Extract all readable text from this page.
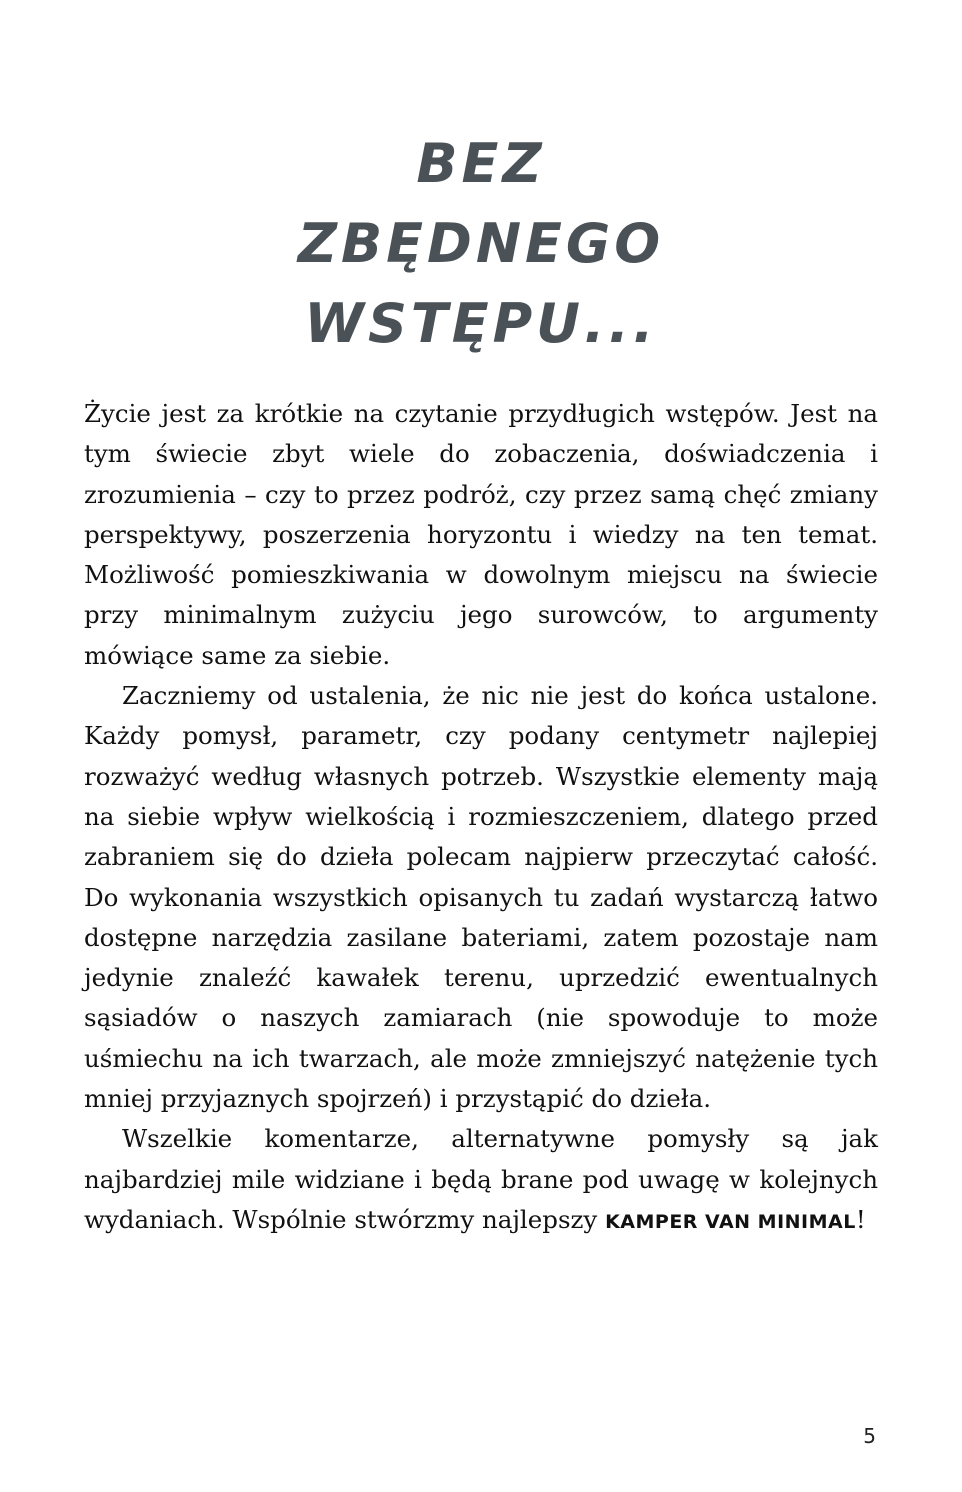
BEZ
ZBĘDNEGO
WSTĘPU...

Życie jest za krótkie na czytanie przydługich wstępów. Jest na tym świecie zbyt wiele do zobaczenia, doświadczenia i zrozumienia – czy to przez podróż, czy przez samą chęć zmiany perspektywy, poszerzenia horyzontu i wiedzy na ten temat. Możliwość pomieszkiwania w dowolnym miejscu na świecie przy minimalnym zużyciu jego surowców, to argumenty mówiące same za siebie.

Zaczniemy od ustalenia, że nic nie jest do końca ustalone. Każdy pomysł, parametr, czy podany centymetr najlepiej rozważyć według własnych potrzeb. Wszystkie elementy mają na siebie wpływ wielkością i rozmieszczeniem, dlatego przed zabraniem się do dzieła polecam najpierw przeczytać całość. Do wykonania wszystkich opisanych tu zadań wystarczą łatwo dostępne narzędzia zasilane bateriami, zatem pozostaje nam jedynie znaleźć kawałek terenu, uprzedzić ewentualnych sąsiadów o naszych zamiarach (nie spowoduje to może uśmiechu na ich twarzach, ale może zmniejszyć natężenie tych mniej przyjaznych spojrzeń) i przystąpić do dzieła.

Wszelkie komentarze, alternatywne pomysły są jak najbardziej mile widziane i będą brane pod uwagę w kolejnych wydaniach. Wspólnie stwórzmy najlepszy KAMPER VAN MINIMAL!

5
